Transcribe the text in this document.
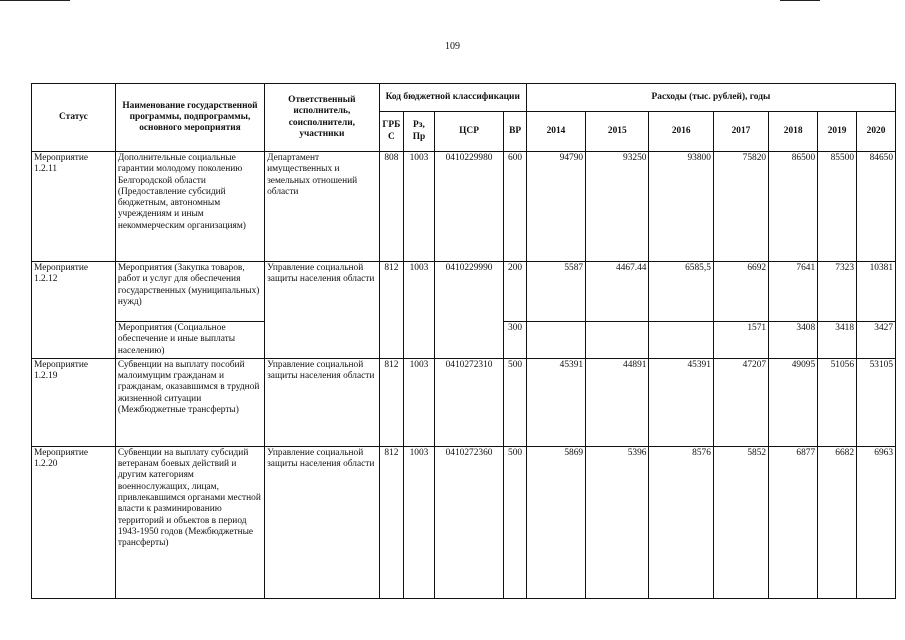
109
Статус	Наименование государственной программы, подпрограммы, основного мероприятия	Ответственный исполнитель, соисполнители, участники	Код бюджетной классификации				Расходы (тыс. рублей), годы						
			ГРБ С	Рз, Пр	ЦСР	ВР	2014	2015	2016	2017	2018	2019	2020
Мероприятие 1.2.11	Дополнительные социальные гарантии молодому поколению Белгородской области (Предоставление субсидий бюджетным, автономным учреждениям и иным некоммерческим организациям)	Департамент имущественных и земельных отношений области	808	1003	0410229980	600	94790	93250	93800	75820	86500	85500	84650
Мероприятие 1.2.12	Мероприятия (Закупка товаров, работ и услуг для обеспечения государственных (муниципальных) нужд)	Управление социальной защиты населения области	812	1003	0410229990	200	5587	4467.44	6585,5	6692	7641	7323	10381
	Мероприятия (Социальное обеспечение и иные выплаты населению)					300				1571	3408	3418	3427
Мероприятие 1.2.19	Субвенции на выплату пособий малоимущим гражданам и гражданам, оказавшимся в трудной жизненной ситуации (Межбюджетные трансферты)	Управление социальной защиты населения области	812	1003	0410272310	500	45391	44891	45391	47207	49095	51056	53105
Мероприятие 1.2.20	Субвенции на выплату субсидий ветеранам боевых действий и другим категориям военнослужащих, лицам, привлекавшимся органами местной власти к разминированию территорий и объектов в период 1943-1950 годов (Межбюджетные трансферты)	Управление социальной защиты населения области	812	1003	0410272360	500	5869	5396	8576	5852	6877	6682	6963
